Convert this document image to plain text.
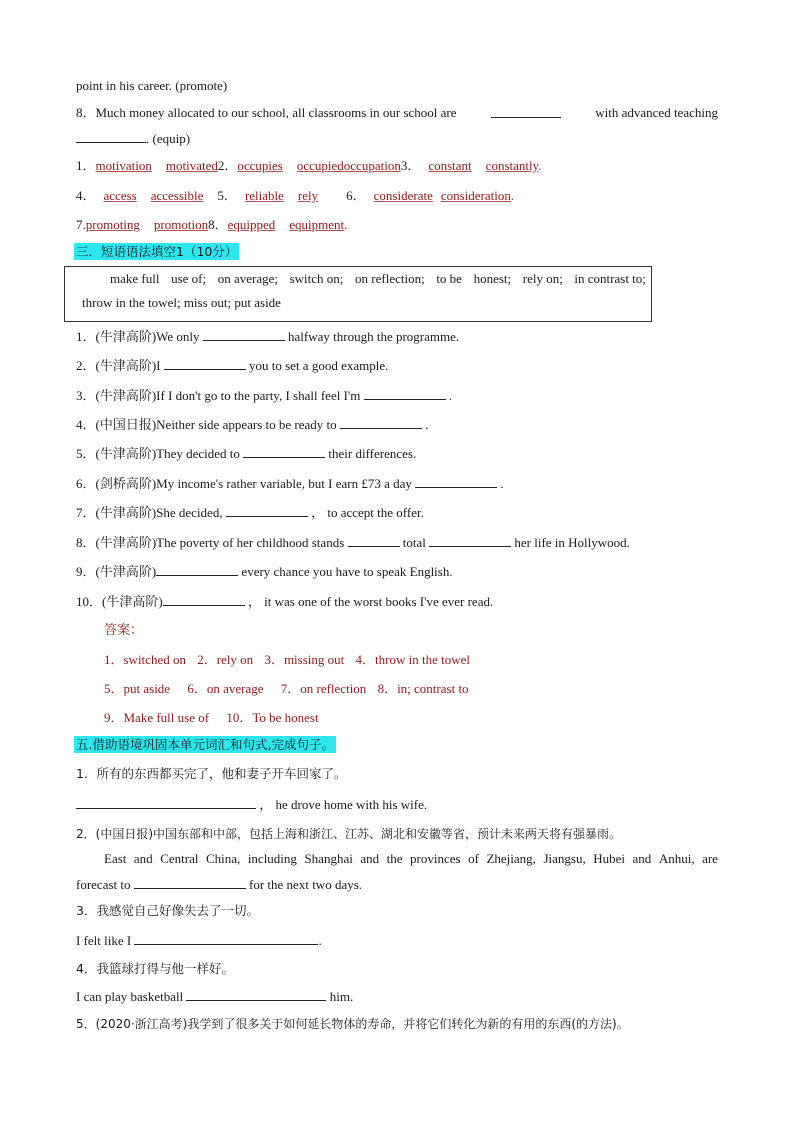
point in his career. (promote)
8．Much money allocated to our school, all classrooms in our school are	with advanced teaching
. (equip)
1．motivation motivated2．occupies occupiedoccupation3． constant constantly.
4． access accessible 5． reliable rely 6． considerate consideration.
7.promoting promotion8．equipped equipment.
三．短语语法填空1（10分）
make full use of; on average; switch on; on reflection; to be honest; rely on; in contrast to;
throw in the towel; miss out; put aside
1．(牛津高阶)We only	halfway through the programme.
2．(牛津高阶)I	you to set a good example.
3．(牛津高阶)If I don't go to the party, I shall feel I'm	.
4．(中国日报)Neither side appears to be ready to	.
5．(牛津高阶)They decided to	their differences.
6．(剑桥高阶)My income's rather variable, but I earn £73 a day	.
7．(牛津高阶)She decided,	， to accept the offer.
8．(牛津高阶)The poverty of her childhood stands	total	her life in Hollywood.
9．(牛津高阶)	every chance you have to speak English.
10．(牛津高阶)	， it was one of the worst books I've ever read.
答案：
1．switched on 2．rely on 3．missing out 4．throw in the towel
5．put aside 6．on average 7．on reflection 8．in; contrast to
9．Make full use of 10．To be honest
五.借助语境巩固本单元词汇和句式,完成句子。
1．所有的东西都买完了，他和妻子开车回家了。
， he drove home with his wife.
2．(中国日报)中国东部和中部，包括上海和浙江、江苏、湖北和安徽等省，预计未来两天将有强暴雨。
East and Central China, including Shanghai and the provinces of Zhejiang, Jiangsu, Hubei and Anhui, are
forecast to	for the next two days.
3．我感觉自己好像失去了一切。
I felt like I	.
4．我篮球打得与他一样好。
I can play basketball	him.
5．(2020·浙江高考)我学到了很多关于如何延长物体的寿命，并将它们转化为新的有用的东西(的方法)。
